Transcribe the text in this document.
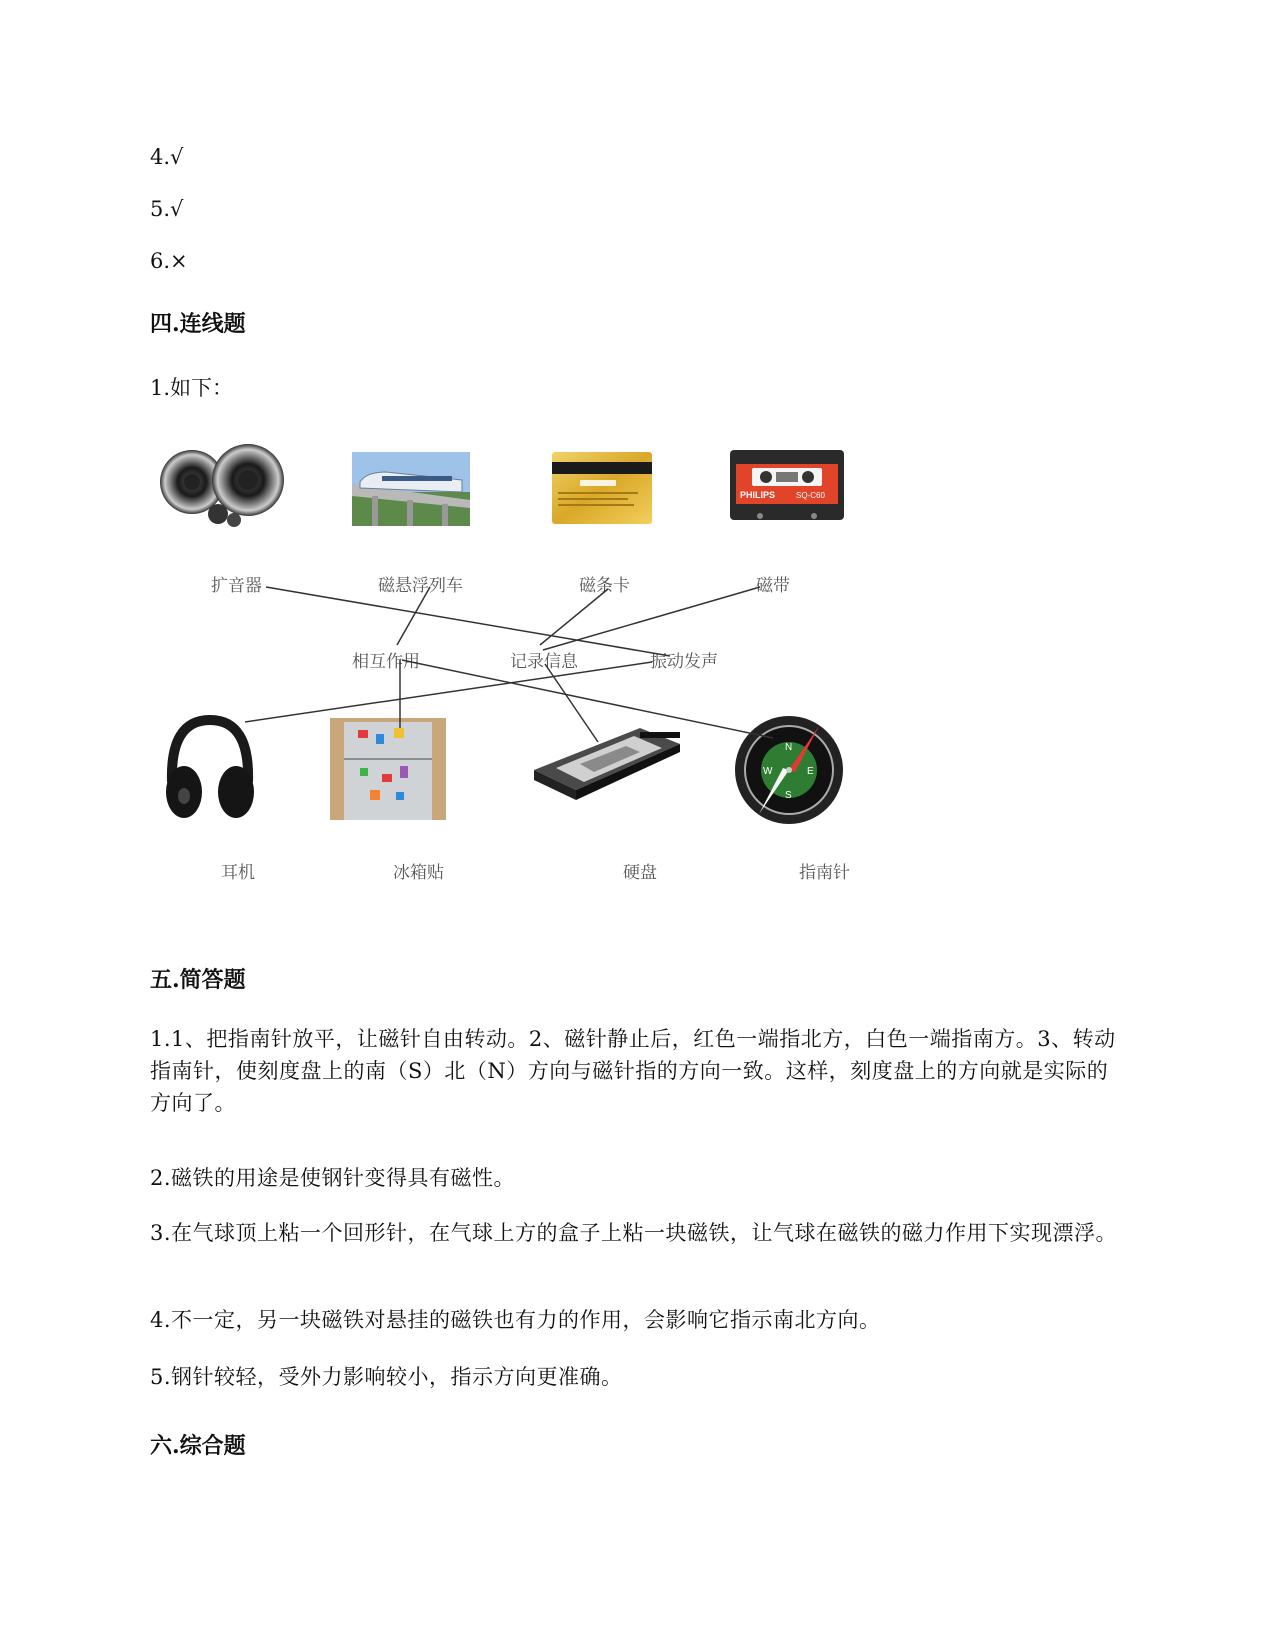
4.√
5.√
6.×
四.连线题
1.如下：
PHILIPS	SQ-C60
N
E
S
W
扩音器	磁悬浮列车	磁条卡	磁带
相互作用	记录信息	振动发声
耳机	冰箱贴	硬盘	指南针
五.简答题
1.1、把指南针放平，让磁针自由转动。2、磁针静止后，红色一端指北方，白色一端指南方。3、转动指南针，使刻度盘上的南（S）北（N）方向与磁针指的方向一致。这样，刻度盘上的方向就是实际的方向了。
2.磁铁的用途是使钢针变得具有磁性。
3.在气球顶上粘一个回形针，在气球上方的盒子上粘一块磁铁，让气球在磁铁的磁力作用下实现漂浮。
4.不一定，另一块磁铁对悬挂的磁铁也有力的作用，会影响它指示南北方向。
5.钢针较轻，受外力影响较小，指示方向更准确。
六.综合题
